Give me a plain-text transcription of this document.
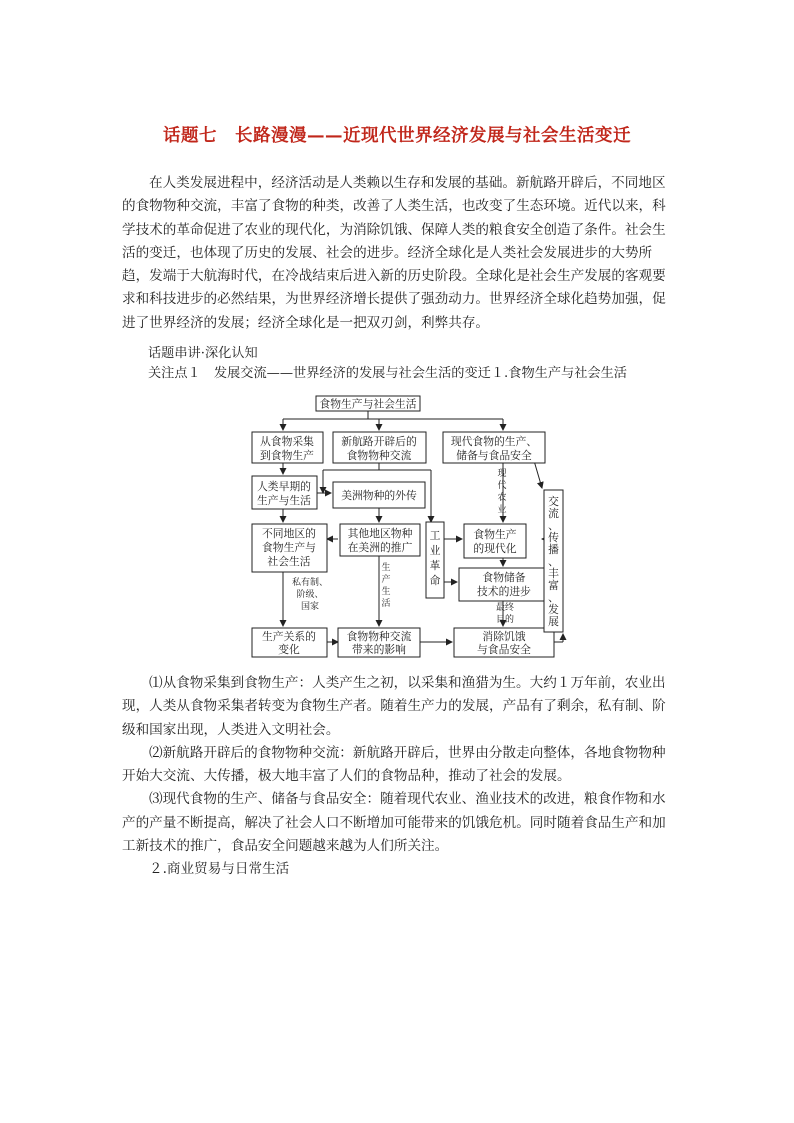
话题七　长路漫漫——近现代世界经济发展与社会生活变迁

在人类发展进程中，经济活动是人类赖以生存和发展的基础。新航路开辟后，不同地区的食物物种交流，丰富了食物的种类，改善了人类生活，也改变了生态环境。近代以来，科学技术的革命促进了农业的现代化，为消除饥饿、保障人类的粮食安全创造了条件。社会生活的变迁，也体现了历史的发展、社会的进步。经济全球化是人类社会发展进步的大势所趋，发端于大航海时代，在冷战结束后进入新的历史阶段。全球化是社会生产发展的客观要求和科技进步的必然结果，为世界经济增长提供了强劲动力。世界经济全球化趋势加强，促进了世界经济的发展；经济全球化是一把双刃剑，利弊共存。

话题串讲·深化认知
关注点１　发展交流——世界经济的发展与社会生活的变迁１.食物生产与社会生活
食物生产与社会生活
从食物采集
到食物生产
人类早期的
生产与生活
不同地区的
食物生产与
社会生活
私有制、
阶级、
国家
生产关系的
变化
新航路开辟后的
食物物种交流
美洲物种的外传
其他地区物种
在美洲的推广
生
产
生
活
食物物种交流
带来的影响
工
业
革
命
现代食物的生产、
储备与食品安全
现
代
农
业
食物生产
的现代化
食物储备
技术的进步
最终
目的
消除饥饿
与食品安全
交
流
、
传
播
、
丰
富
、
发
展

⑴从食物采集到食物生产：人类产生之初，以采集和渔猎为生。大约１万年前，农业出现，人类从食物采集者转变为食物生产者。随着生产力的发展，产品有了剩余，私有制、阶级和国家出现，人类进入文明社会。

⑵新航路开辟后的食物物种交流：新航路开辟后，世界由分散走向整体，各地食物物种开始大交流、大传播，极大地丰富了人们的食物品种，推动了社会的发展。

⑶现代食物的生产、储备与食品安全：随着现代农业、渔业技术的改进，粮食作物和水产的产量不断提高，解决了社会人口不断增加可能带来的饥饿危机。同时随着食品生产和加工新技术的推广，食品安全问题越来越为人们所关注。

２.商业贸易与日常生活
